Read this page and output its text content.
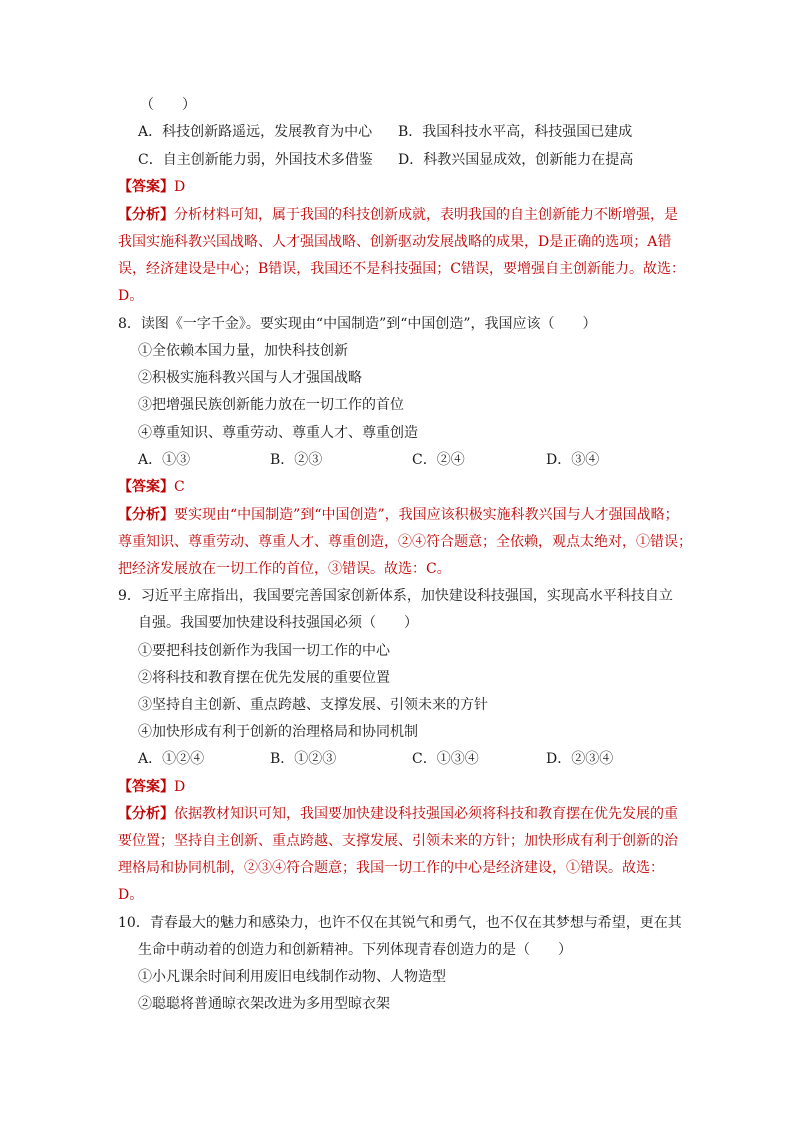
（　　）
A．科技创新路遥远，发展教育为中心 B．我国科技水平高，科技强国已建成
C．自主创新能力弱，外国技术多借鉴 D．科教兴国显成效，创新能力在提高
【答案】D
【分析】分析材料可知，属于我国的科技创新成就，表明我国的自主创新能力不断增强，是
我国实施科教兴国战略、人才强国战略、创新驱动发展战略的成果，D是正确的选项；A错
误，经济建设是中心；B错误，我国还不是科技强国；C错误，要增强自主创新能力。故选：
D。
8．读图《一字千金》。要实现由“中国制造”到“中国创造”，我国应该（　　）
①全依赖本国力量，加快科技创新
②积极实施科教兴国与人才强国战略
③把增强民族创新能力放在一切工作的首位
④尊重知识、尊重劳动、尊重人才、尊重创造
A．①③	B．②③	C．②④	D．③④
【答案】C
【分析】要实现由“中国制造”到“中国创造”，我国应该积极实施科教兴国与人才强国战略；
尊重知识、尊重劳动、尊重人才、尊重创造，②④符合题意；全依赖，观点太绝对，①错误；
把经济发展放在一切工作的首位，③错误。故选：C。
9．习近平主席指出，我国要完善国家创新体系，加快建设科技强国，实现高水平科技自立
自强。我国要加快建设科技强国必须（　　）
①要把科技创新作为我国一切工作的中心
②将科技和教育摆在优先发展的重要位置
③坚持自主创新、重点跨越、支撑发展、引领未来的方针
④加快形成有利于创新的治理格局和协同机制
A．①②④	B．①②③	C．①③④	D．②③④
【答案】D
【分析】依据教材知识可知，我国要加快建设科技强国必须将科技和教育摆在优先发展的重
要位置；坚持自主创新、重点跨越、支撑发展、引领未来的方针；加快形成有利于创新的治
理格局和协同机制，②③④符合题意；我国一切工作的中心是经济建设，①错误。故选：
D。
10．青春最大的魅力和感染力，也许不仅在其锐气和勇气，也不仅在其梦想与希望，更在其
生命中萌动着的创造力和创新精神。下列体现青春创造力的是（　　）
①小凡课余时间利用废旧电线制作动物、人物造型
②聪聪将普通晾衣架改进为多用型晾衣架
